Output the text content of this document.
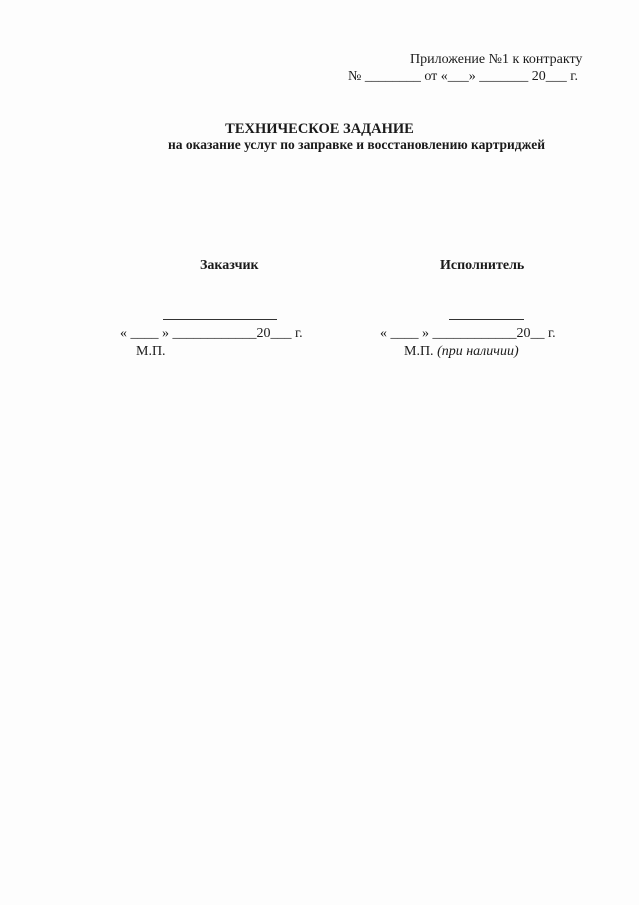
Приложение №1 к контракту
№ ________ от «___» _______ 20___ г.
ТЕХНИЧЕСКОЕ ЗАДАНИЕ
на оказание услуг по заправке и восстановлению картриджей
Заказчик	Исполнитель
« ____ » ____________20___ г.	« ____ » ____________20__ г.
М.П.	М.П. (при наличии)
